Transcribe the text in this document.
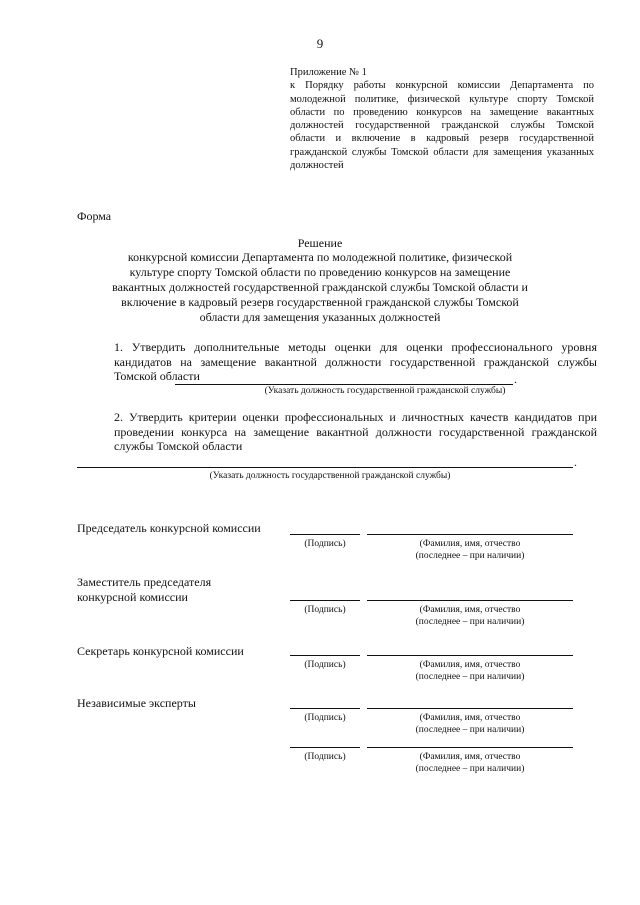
9
Приложение № 1
к Порядку работы конкурсной комиссии Департамента по молодежной политике, физической культуре спорту Томской области по проведению конкурсов на замещение вакантных должностей государственной гражданской службы Томской области и включение в кадровый резерв государственной гражданской службы Томской области для замещения указанных должностей
Форма
Решение
конкурсной комиссии Департамента по молодежной политике, физической культуре спорту Томской области по проведению конкурсов на замещение вакантных должностей государственной гражданской службы Томской области и включение в кадровый резерв государственной гражданской службы Томской области для замещения указанных должностей
1. Утвердить дополнительные методы оценки для оценки профессионального уровня кандидатов на замещение вакантной должности государственной гражданской службы Томской области	.
(Указать должность государственной гражданской службы)
2. Утвердить критерии оценки профессиональных и личностных качеств кандидатов при проведении конкурса на замещение вакантной должности государственной гражданской службы Томской области
.
(Указать должность государственной гражданской службы)
Председатель конкурсной комиссии
(Подпись)	(Фамилия, имя, отчество
(последнее – при наличии)
Заместитель председателя
конкурсной комиссии
(Подпись)	(Фамилия, имя, отчество
(последнее – при наличии)
Секретарь конкурсной комиссии
(Подпись)	(Фамилия, имя, отчество
(последнее – при наличии)
Независимые эксперты
(Подпись)	(Фамилия, имя, отчество
(последнее – при наличии)
(Подпись)	(Фамилия, имя, отчество
(последнее – при наличии)
